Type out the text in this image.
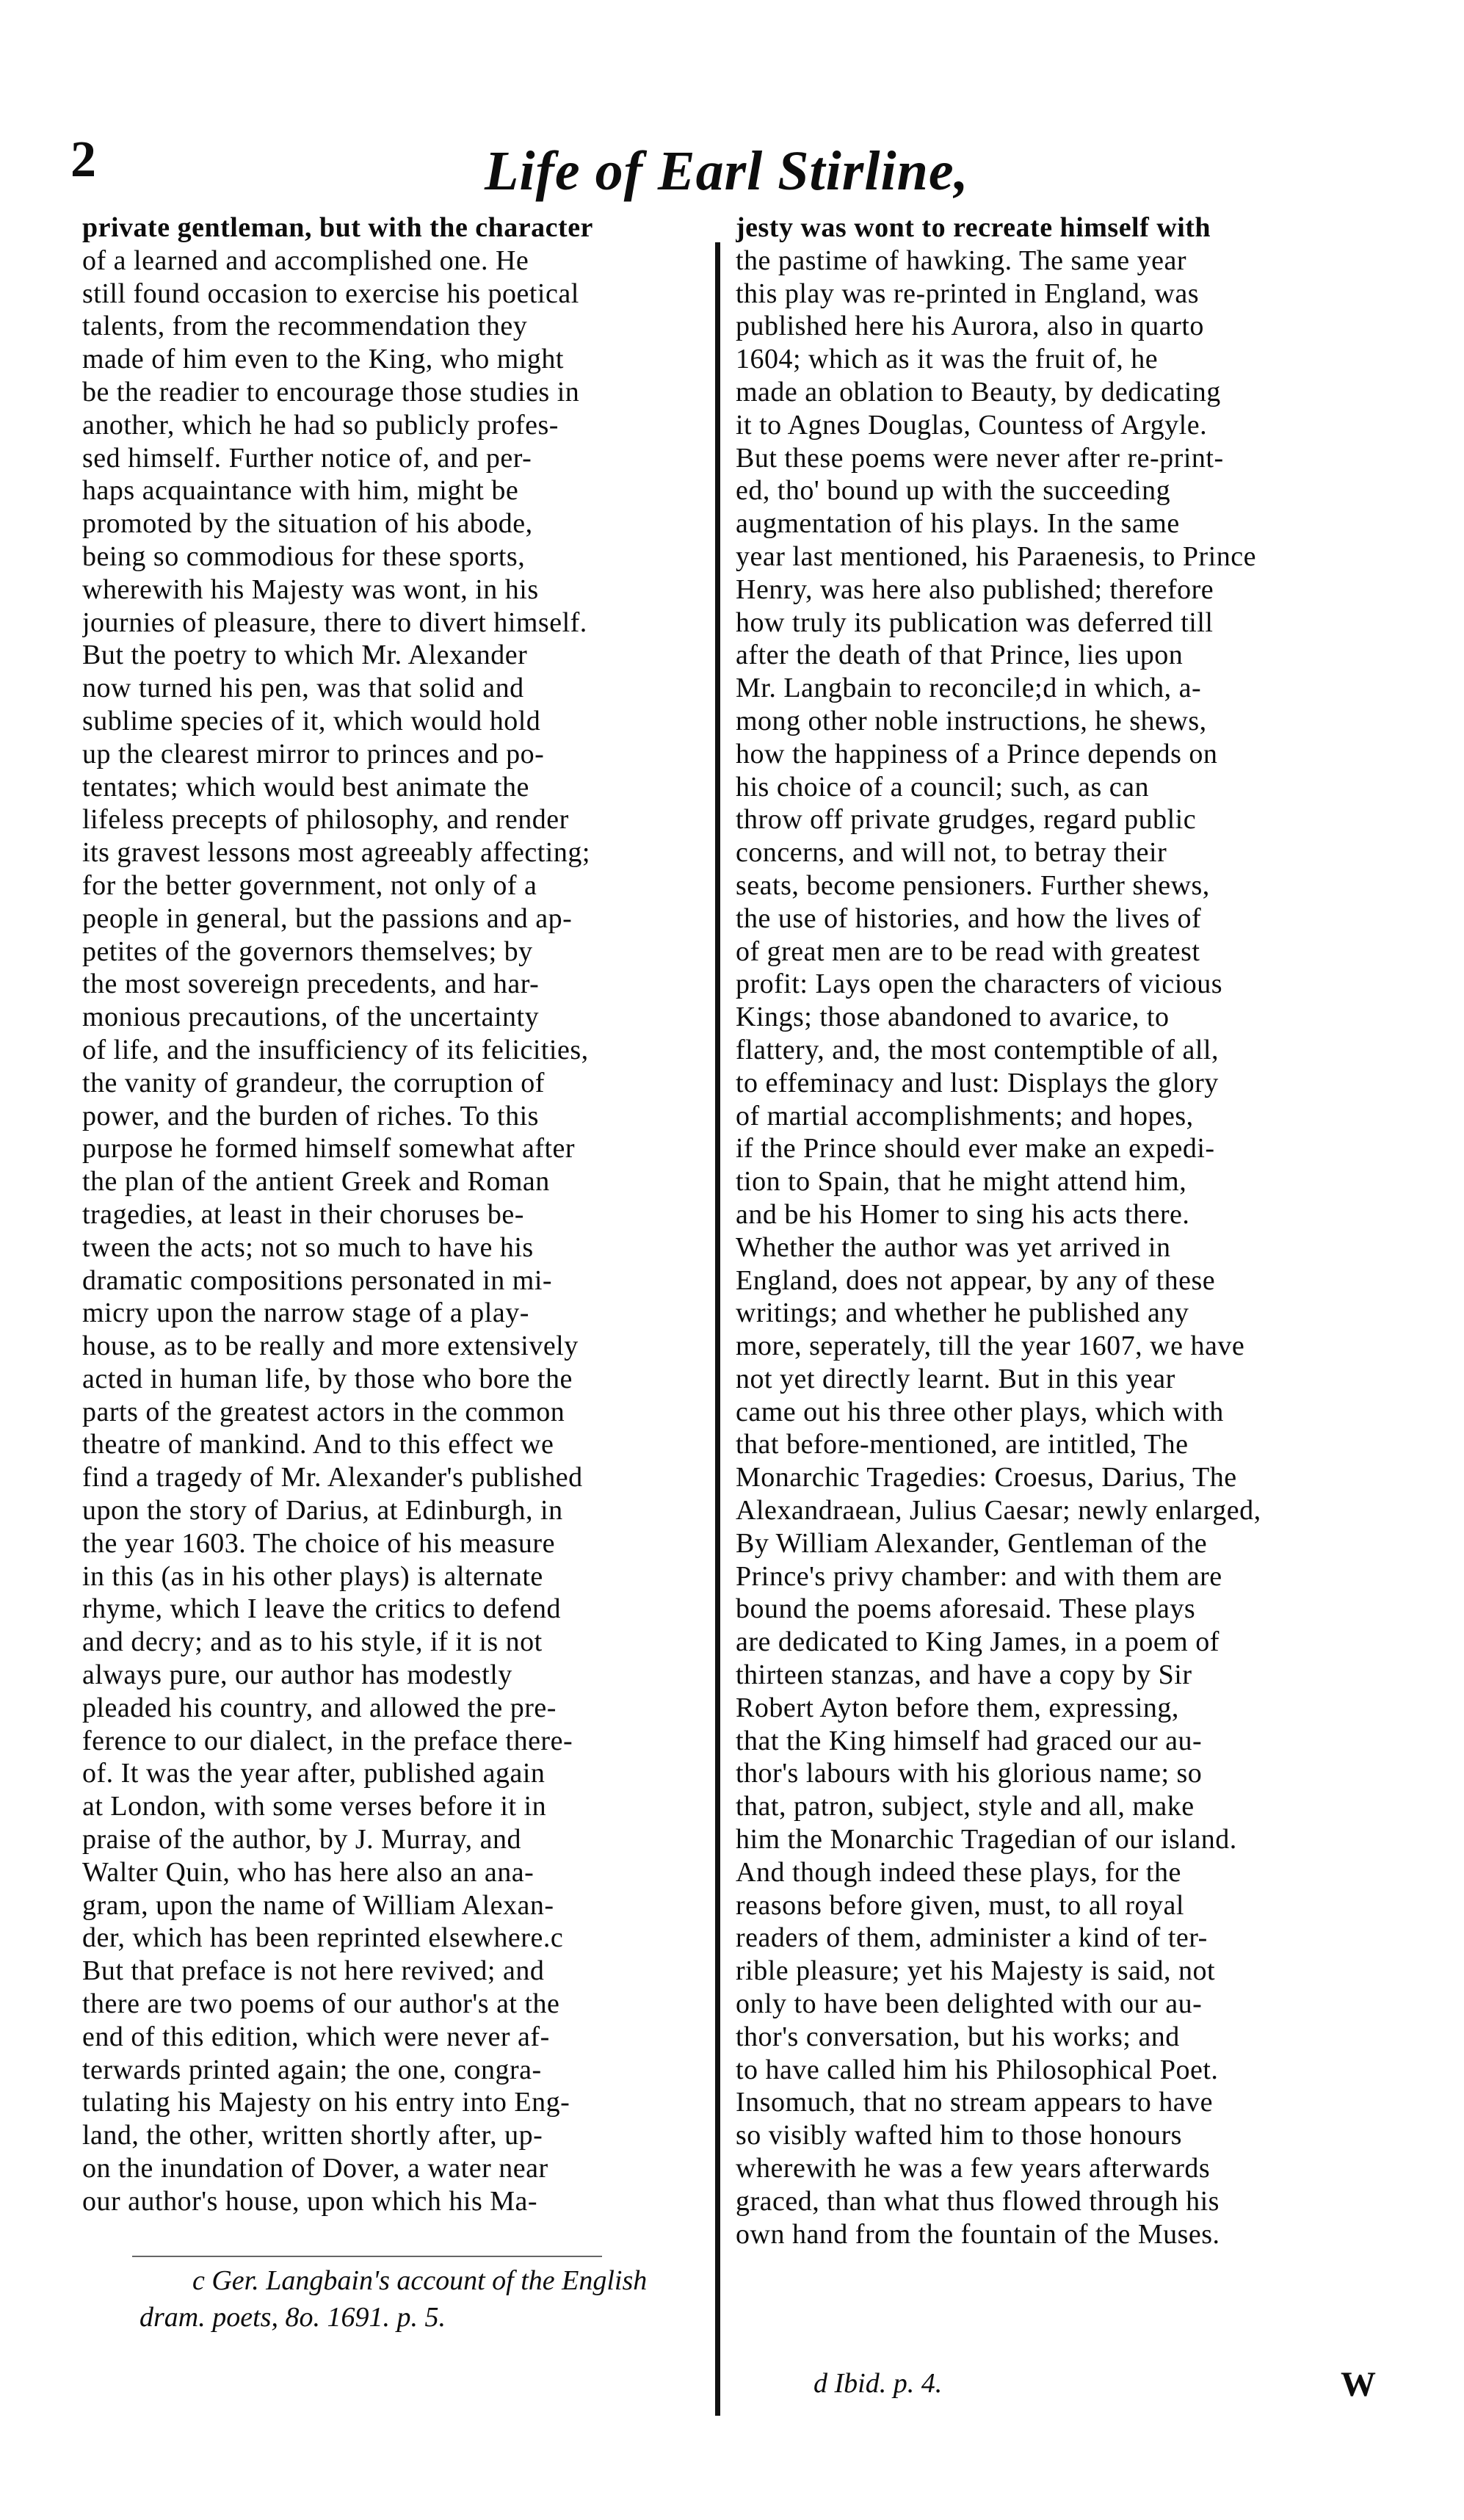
2	Life of Earl Stirline,
private gentleman, but with the character
of a learned and accomplished one. He
still found occasion to exercise his poetical
talents, from the recommendation they
made of him even to the King, who might
be the readier to encourage those studies in
another, which he had so publicly profes-
sed himself. Further notice of, and per-
haps acquaintance with him, might be
promoted by the situation of his abode,
being so commodious for these sports,
wherewith his Majesty was wont, in his
journies of pleasure, there to divert himself.
But the poetry to which Mr. Alexander
now turned his pen, was that solid and
sublime species of it, which would hold
up the clearest mirror to princes and po-
tentates; which would best animate the
lifeless precepts of philosophy, and render
its gravest lessons most agreeably affecting;
for the better government, not only of a
people in general, but the passions and ap-
petites of the governors themselves; by
the most sovereign precedents, and har-
monious precautions, of the uncertainty
of life, and the insufficiency of its felicities,
the vanity of grandeur, the corruption of
power, and the burden of riches. To this
purpose he formed himself somewhat after
the plan of the antient Greek and Roman
tragedies, at least in their choruses be-
tween the acts; not so much to have his
dramatic compositions personated in mi-
micry upon the narrow stage of a play-
house, as to be really and more extensively
acted in human life, by those who bore the
parts of the greatest actors in the common
theatre of mankind. And to this effect we
find a tragedy of Mr. Alexander's published
upon the story of Darius, at Edinburgh, in
the year 1603. The choice of his measure
in this (as in his other plays) is alternate
rhyme, which I leave the critics to defend
and decry; and as to his style, if it is not
always pure, our author has modestly
pleaded his country, and allowed the pre-
ference to our dialect, in the preface there-
of. It was the year after, published again
at London, with some verses before it in
praise of the author, by J. Murray, and
Walter Quin, who has here also an ana-
gram, upon the name of William Alexan-
der, which has been reprinted elsewhere.c
But that preface is not here revived; and
there are two poems of our author's at the
end of this edition, which were never af-
terwards printed again; the one, congra-
tulating his Majesty on his entry into Eng-
land, the other, written shortly after, up-
on the inundation of Dover, a water near
our author's house, upon which his Ma-
jesty was wont to recreate himself with
the pastime of hawking. The same year
this play was re-printed in England, was
published here his Aurora, also in quarto
1604; which as it was the fruit of, he
made an oblation to Beauty, by dedicating
it to Agnes Douglas, Countess of Argyle.
But these poems were never after re-print-
ed, tho' bound up with the succeeding
augmentation of his plays. In the same
year last mentioned, his Paraenesis, to Prince
Henry, was here also published; therefore
how truly its publication was deferred till
after the death of that Prince, lies upon
Mr. Langbain to reconcile;d in which, a-
mong other noble instructions, he shews,
how the happiness of a Prince depends on
his choice of a council; such, as can
throw off private grudges, regard public
concerns, and will not, to betray their
seats, become pensioners. Further shews,
the use of histories, and how the lives of
of great men are to be read with greatest
profit: Lays open the characters of vicious
Kings; those abandoned to avarice, to
flattery, and, the most contemptible of all,
to effeminacy and lust: Displays the glory
of martial accomplishments; and hopes,
if the Prince should ever make an expedi-
tion to Spain, that he might attend him,
and be his Homer to sing his acts there.
Whether the author was yet arrived in
England, does not appear, by any of these
writings; and whether he published any
more, seperately, till the year 1607, we have
not yet directly learnt. But in this year
came out his three other plays, which with
that before-mentioned, are intitled, The
Monarchic Tragedies: Croesus, Darius, The
Alexandraean, Julius Caesar; newly enlarged,
By William Alexander, Gentleman of the
Prince's privy chamber: and with them are
bound the poems aforesaid. These plays
are dedicated to King James, in a poem of
thirteen stanzas, and have a copy by Sir
Robert Ayton before them, expressing,
that the King himself had graced our au-
thor's labours with his glorious name; so
that, patron, subject, style and all, make
him the Monarchic Tragedian of our island.
And though indeed these plays, for the
reasons before given, must, to all royal
readers of them, administer a kind of ter-
rible pleasure; yet his Majesty is said, not
only to have been delighted with our au-
thor's conversation, but his works; and
to have called him his Philosophical Poet.
Insomuch, that no stream appears to have
so visibly wafted him to those honours
wherewith he was a few years afterwards
graced, than what thus flowed through his
own hand from the fountain of the Muses.
c Ger. Langbain's account of the English
dram. poets, 8o. 1691. p. 5.
d Ibid. p. 4.	W
